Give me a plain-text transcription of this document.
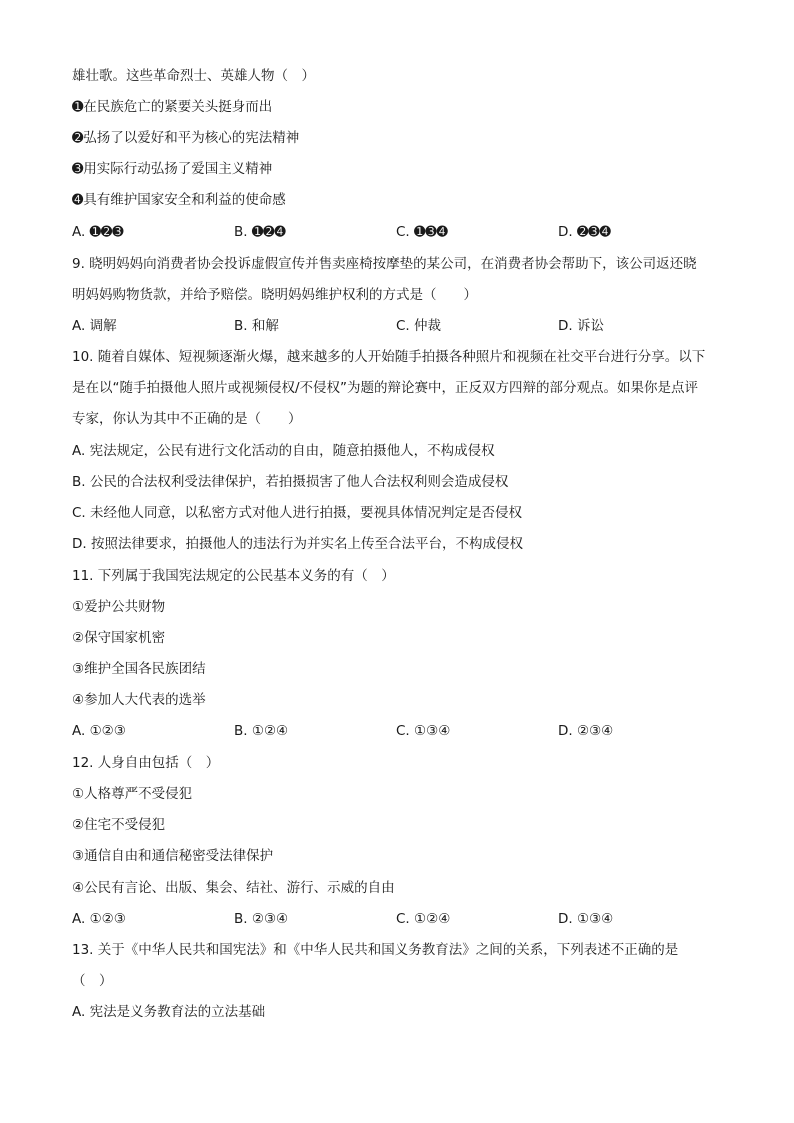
雄壮歌。这些革命烈士、英雄人物（　）
➊在民族危亡的紧要关头挺身而出
➋弘扬了以爱好和平为核心的宪法精神
➌用实际行动弘扬了爱国主义精神
➍具有维护国家安全和利益的使命感
A. ➊➋➌	B. ➊➋➍	C. ➊➌➍	D. ➋➌➍
9. 晓明妈妈向消费者协会投诉虚假宣传并售卖座椅按摩垫的某公司，在消费者协会帮助下，该公司返还晓
明妈妈购物货款，并给予赔偿。晓明妈妈维护权利的方式是（　　）
A. 调解	B. 和解	C. 仲裁	D. 诉讼
10. 随着自媒体、短视频逐渐火爆，越来越多的人开始随手拍摄各种照片和视频在社交平台进行分享。以下
是在以“随手拍摄他人照片或视频侵权/不侵权”为题的辩论赛中，正反双方四辩的部分观点。如果你是点评
专家，你认为其中不正确的是（　　）
A. 宪法规定，公民有进行文化活动的自由，随意拍摄他人，不构成侵权
B. 公民的合法权利受法律保护，若拍摄损害了他人合法权利则会造成侵权
C. 未经他人同意，以私密方式对他人进行拍摄，要视具体情况判定是否侵权
D. 按照法律要求，拍摄他人的违法行为并实名上传至合法平台，不构成侵权
11. 下列属于我国宪法规定的公民基本义务的有（　）
①爱护公共财物
②保守国家机密
③维护全国各民族团结
④参加人大代表的选举
A. ①②③	B. ①②④	C. ①③④	D. ②③④
12. 人身自由包括（　）
①人格尊严不受侵犯
②住宅不受侵犯
③通信自由和通信秘密受法律保护
④公民有言论、出版、集会、结社、游行、示威的自由
A. ①②③	B. ②③④	C. ①②④	D. ①③④
13. 关于《中华人民共和国宪法》和《中华人民共和国义务教育法》之间的关系，下列表述不正确的是
（　）
A. 宪法是义务教育法的立法基础
